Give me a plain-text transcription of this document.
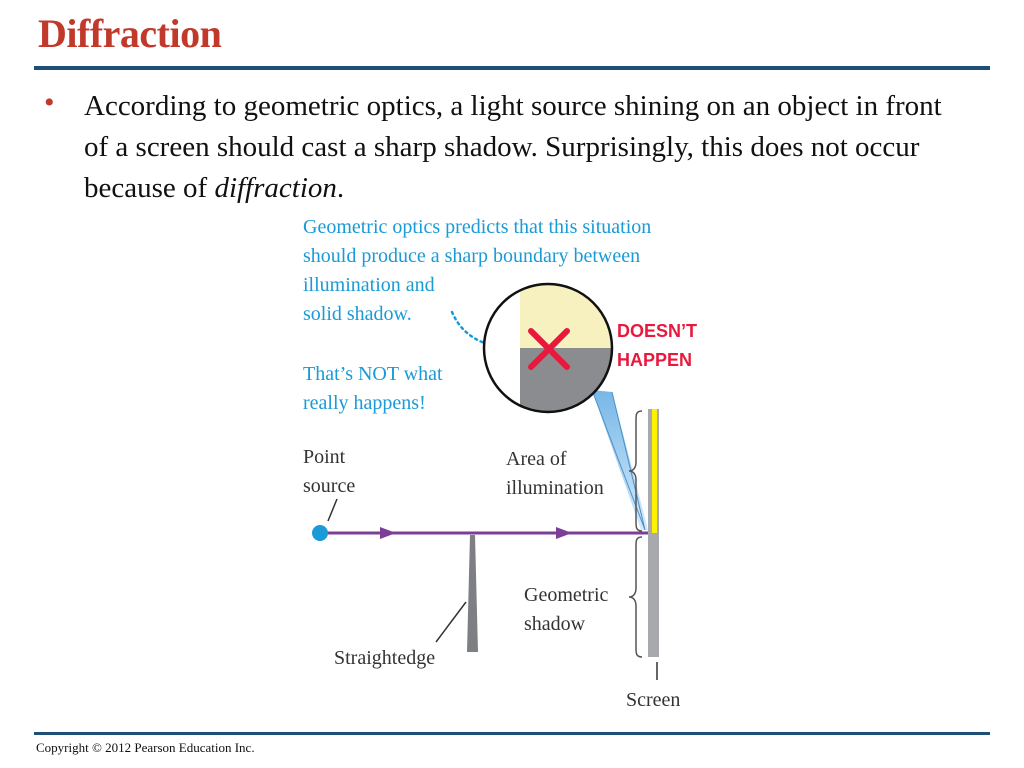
Diffraction
• According to geometric optics, a light source shining on an object in front of a screen should cast a sharp shadow. Surprisingly, this does not occur because of diffraction.
Geometric optics predicts that this situation
should produce a sharp boundary between
illumination and
solid shadow.
That’s NOT what
really happens!
DOESN’T
HAPPEN
Point
source
Area of
illumination
Straightedge
Geometric
shadow
Screen
Copyright © 2012 Pearson Education Inc.
